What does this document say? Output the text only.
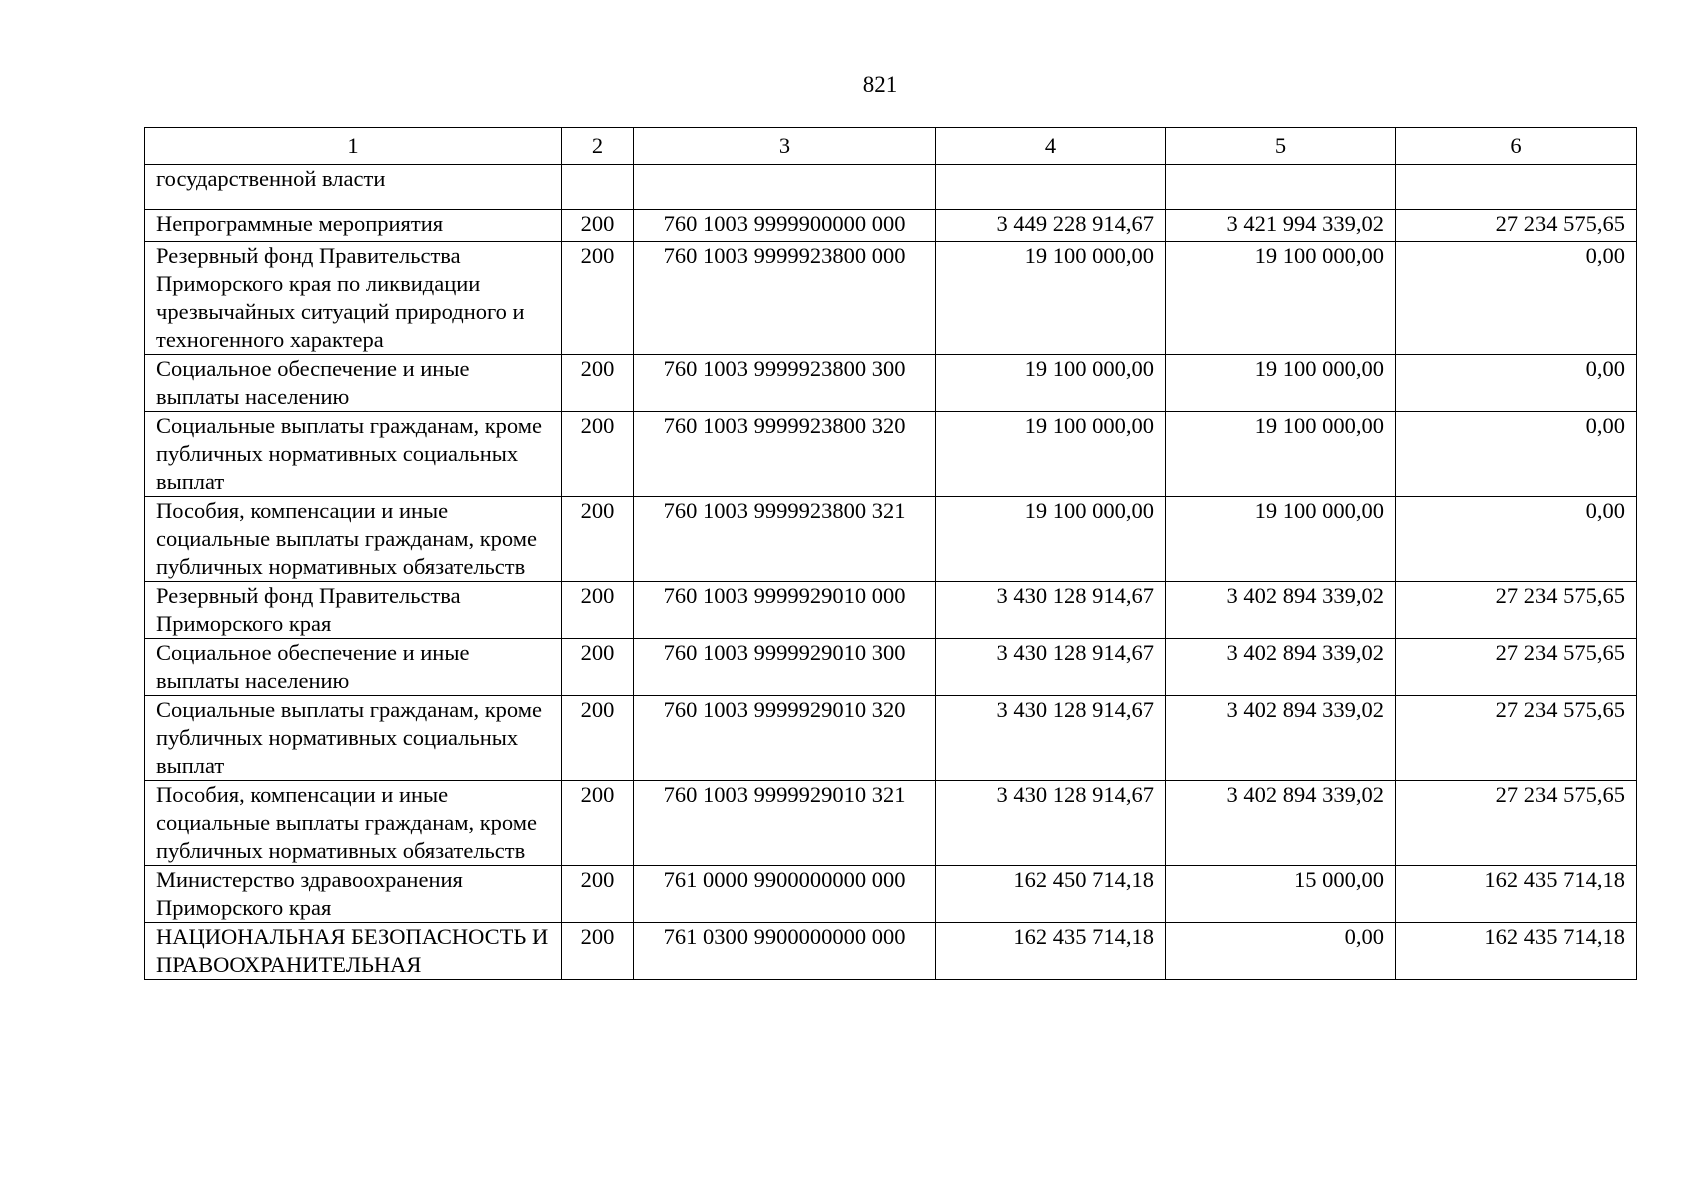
821
1	2	3	4	5	6

государственной власти					

Непрограммные мероприятия	200	760 1003 9999900000 000	3 449 228 914,67	3 421 994 339,02	27 234 575,65

Резервный фонд Правительства Приморского края по ликвидации чрезвычайных ситуаций природного и техногенного характера	200	760 1003 9999923800 000	19 100 000,00	19 100 000,00	0,00

Социальное обеспечение и иные выплаты населению	200	760 1003 9999923800 300	19 100 000,00	19 100 000,00	0,00

Социальные выплаты гражданам, кроме публичных нормативных социальных выплат	200	760 1003 9999923800 320	19 100 000,00	19 100 000,00	0,00

Пособия, компенсации и иные социальные выплаты гражданам, кроме публичных нормативных обязательств	200	760 1003 9999923800 321	19 100 000,00	19 100 000,00	0,00

Резервный фонд Правительства Приморского края	200	760 1003 9999929010 000	3 430 128 914,67	3 402 894 339,02	27 234 575,65

Социальное обеспечение и иные выплаты населению	200	760 1003 9999929010 300	3 430 128 914,67	3 402 894 339,02	27 234 575,65

Социальные выплаты гражданам, кроме публичных нормативных социальных выплат	200	760 1003 9999929010 320	3 430 128 914,67	3 402 894 339,02	27 234 575,65

Пособия, компенсации и иные социальные выплаты гражданам, кроме публичных нормативных обязательств	200	760 1003 9999929010 321	3 430 128 914,67	3 402 894 339,02	27 234 575,65

Министерство здравоохранения Приморского края	200	761 0000 9900000000 000	162 450 714,18	15 000,00	162 435 714,18

НАЦИОНАЛЬНАЯ БЕЗОПАСНОСТЬ И ПРАВООХРАНИТЕЛЬНАЯ	200	761 0300 9900000000 000	162 435 714,18	0,00	162 435 714,18
